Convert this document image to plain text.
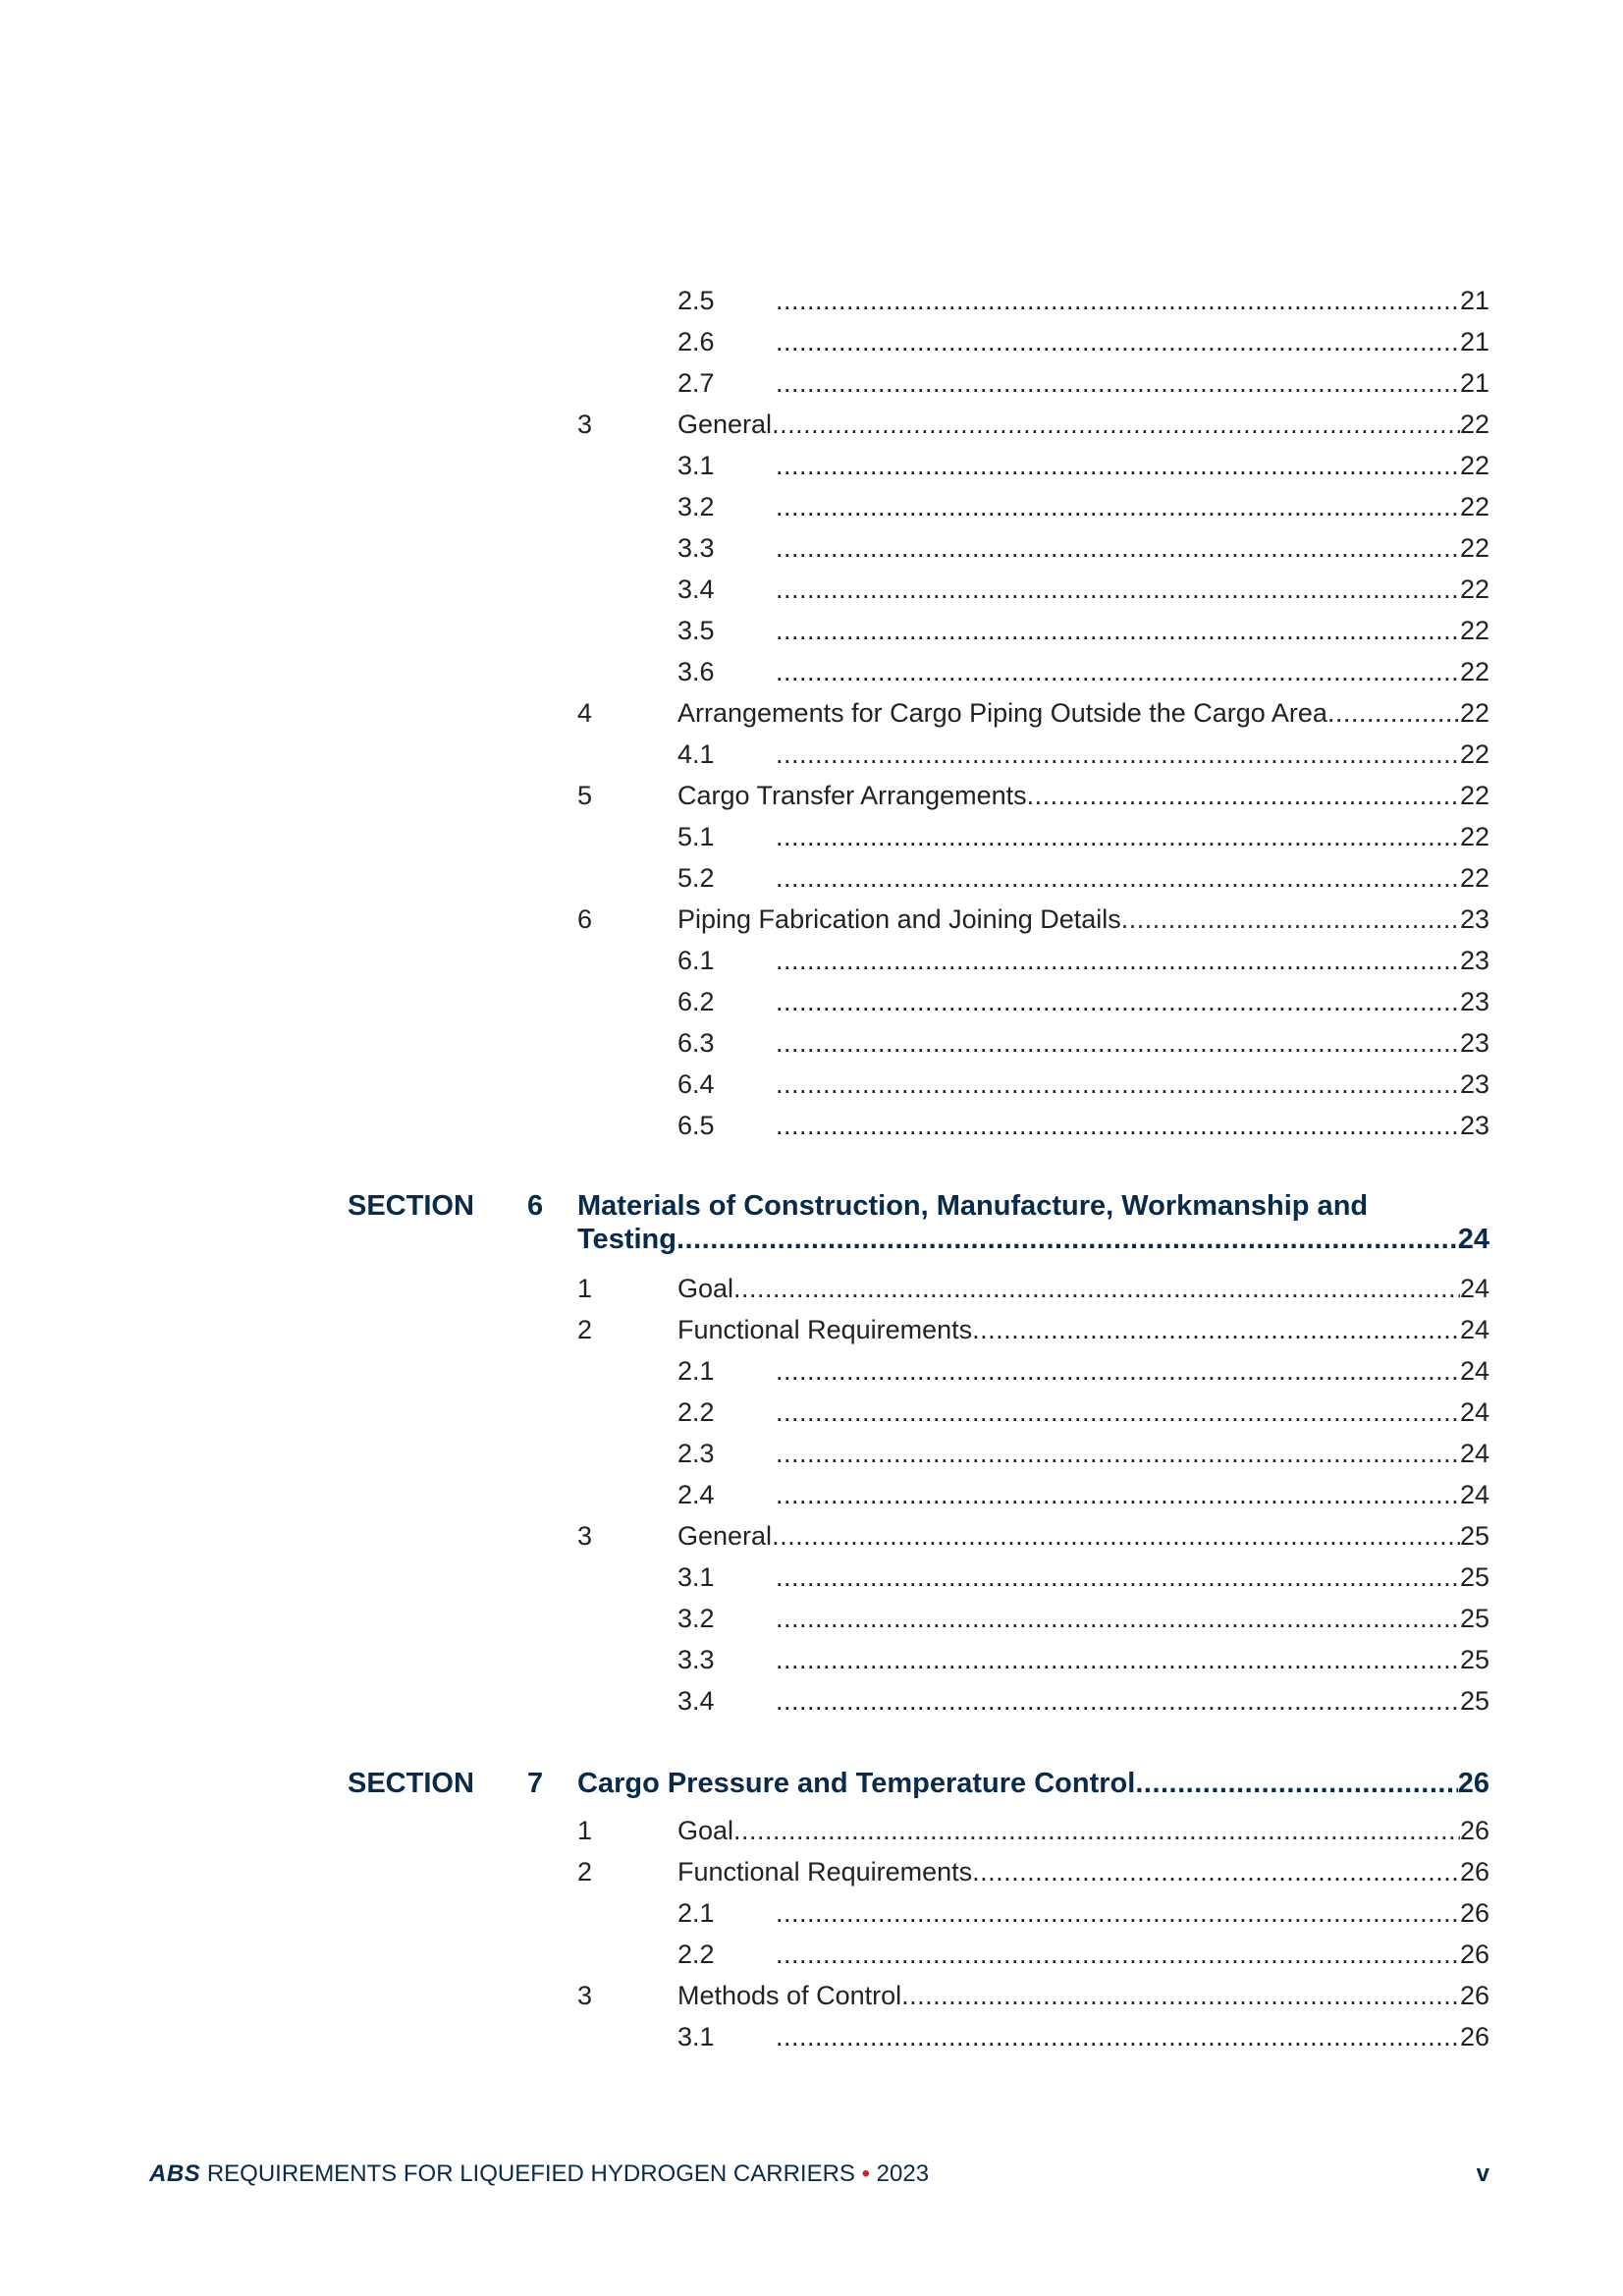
2.5 .....	21
2.6 .....	21
2.7 .....	21
3	General .....	22
3.1 .....	22
3.2 .....	22
3.3 .....	22
3.4 .....	22
3.5 .....	22
3.6 .....	22
4	Arrangements for Cargo Piping Outside the Cargo Area .....	22
4.1 .....	22
5	Cargo Transfer Arrangements .....	22
5.1 .....	22
5.2 .....	22
6	Piping Fabrication and Joining Details .....	23
6.1 .....	23
6.2 .....	23
6.3 .....	23
6.4 .....	23
6.5 .....	23
SECTION 6 Materials of Construction, Manufacture, Workmanship and
Testing .....	24
1	Goal .....	24
2	Functional Requirements .....	24
2.1 .....	24
2.2 .....	24
2.3 .....	24
2.4 .....	24
3	General .....	25
3.1 .....	25
3.2 .....	25
3.3 .....	25
3.4 .....	25
SECTION 7 Cargo Pressure and Temperature Control .....	26
1	Goal .....	26
2	Functional Requirements .....	26
2.1 .....	26
2.2 .....	26
3	Methods of Control .....	26
3.1 .....	26
ABS REQUIREMENTS FOR LIQUEFIED HYDROGEN CARRIERS • 2023	v
